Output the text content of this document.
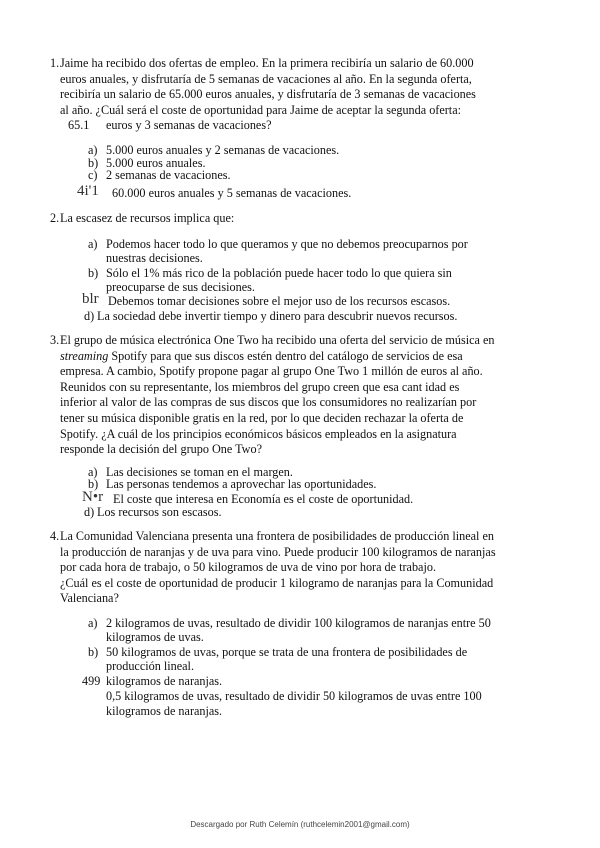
1. Jaime ha recibido dos ofertas de empleo. En la primera recibiría un salario de 60.000

euros anuales, y disfrutaría de 5 semanas de vacaciones al año. En la segunda oferta,

recibiría un salario de 65.000 euros anuales, y disfrutaría de 3 semanas de vacaciones

al año. ¿Cuál será el coste de oportunidad para Jaime de aceptar la segunda oferta:

65.1 euros y 3 semanas de vacaciones?
a) 5.000 euros anuales y 2 semanas de vacaciones.
b) 5.000 euros anuales.
c) 2 semanas de vacaciones.
4i'1 60.000 euros anuales y 5 semanas de vacaciones.
2. La escasez de recursos implica que:

a) Podemos hacer todo lo que queramos y que no debemos preocuparnos por
nuestras decisiones.
b) Sólo el 1% más rico de la población puede hacer todo lo que quiera sin
preocuparse de sus decisiones.
blr Debemos tomar decisiones sobre el mejor uso de los recursos escasos.
d) La sociedad debe invertir tiempo y dinero para descubrir nuevos recursos.
3. El grupo de música electrónica One Two ha recibido una oferta del servicio de música en

streaming Spotify para que sus discos estén dentro del catálogo de servicios de esa

empresa. A cambio, Spotify propone pagar al grupo One Two 1 millón de euros al año.

Reunidos con su representante, los miembros del grupo creen que esa cant idad es

inferior al valor de las compras de sus discos que los consumidores no realizarían por

tener su música disponible gratis en la red, por lo que deciden rechazar la oferta de

Spotify. ¿A cuál de los principios económicos básicos empleados en la asignatura

responde la decisión del grupo One Two?

a) Las decisiones se toman en el margen.
b) Las personas tendemos a aprovechar las oportunidades.
N•r El coste que interesa en Economía es el coste de oportunidad.
d) Los recursos son escasos.
4. La Comunidad Valenciana presenta una frontera de posibilidades de producción lineal en

la producción de naranjas y de uva para vino. Puede producir 100 kilogramos de naranjas

por cada hora de trabajo, o 50 kilogramos de uva de vino por hora de trabajo.

¿Cuál es el coste de oportunidad de producir 1 kilogramo de naranjas para la Comunidad

Valenciana?

a) 2 kilogramos de uvas, resultado de dividir 100 kilogramos de naranjas entre 50
kilogramos de uvas.
b) 50 kilogramos de uvas, porque se trata de una frontera de posibilidades de
producción lineal.
499 kilogramos de naranjas.
0,5 kilogramos de uvas, resultado de dividir 50 kilogramos de uvas entre 100
kilogramos de naranjas.
Descargado por Ruth Celemín (ruthcelemin2001@gmail.com)
